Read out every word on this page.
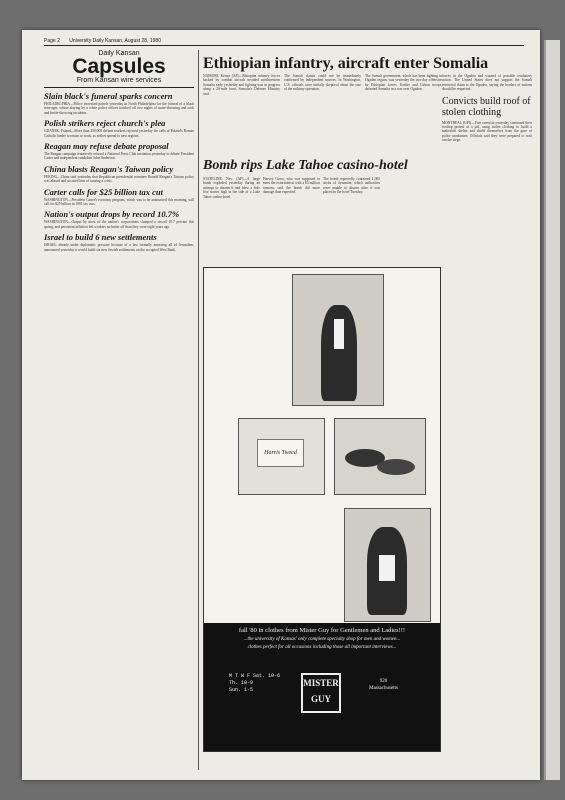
Page 2 University Daily Kansan, August 28, 1980
Daily Kansan
Capsules
From Kansan wire services
Slain black's funeral sparks concern

PHILADELPHIA—Police increased patrols yesterday in North Philadelphia for the funeral of a black teen-ager, whose slaying by a white police officer touched off two nights of stone-throwing and rock and bottle-throwing incidents.

Polish strikers reject church's plea

GDANSK, Poland—More than 200,000 defiant workers rejected yesterday the calls of Poland's Roman Catholic leader to return to work, as strikes spread to new regions.

Reagan may refuse debate proposal

The Reagan campaign tentatively refused a National Press Club invitation yesterday to debate President Carter and independent candidate John Anderson.

China blasts Reagan's Taiwan policy

PEKING—China said yesterday that Republican presidential nominee Ronald Reagan's Taiwan policy was absurd and accused him of causing a crisis.

Carter calls for $25 billion tax cut

WASHINGTON—President Carter's economy program, which was to be announced this morning, will call for $25 billion in 1981 tax cuts.

Nation's output drops by record 10.7%

WASHINGTON—Output by most of the nation's corporations slumped a record 10.7 percent this spring, and persistent inflation left workers no better off than they were eight years ago.

Israel to build 6 new settlements

ISRAEL already under diplomatic pressure because of a law formally annexing all of Jerusalem, announced yesterday it would build six new Jewish settlements on the occupied West Bank.

Ethiopian infantry, aircraft enter Somalia
NAIROBI, Kenya (AP)—Ethiopian infantry forces backed by combat aircraft invaded northwestern Somalia early yesterday and fighting was in progress along a 20-mile front, Somalia's Defense Ministry said.
The Somali claims could not be immediately confirmed by independent sources. In Washington, U.S. officials were initially skeptical about the size of the military operation.
The Somali government, which has been fighting in Ogaden region, was yesterday the two-day offensive by Ethiopian forces. Earlier and Cuban troops, defeated Somalia in a war over Ogaden.
Bomb rips Lake Tahoe casino-hotel
STATELINE, Nev. (AP)—A large bomb exploded yesterday during an attempt to disarm it and blew a hole five stories high in the side of a Lake Tahoe casino-hotel.
Harvey Gross, who was supposed to meet the extortionists with a $3 million ransom, said the bomb did more damage than expected.
The bomb reportedly contained 1,000 sticks of dynamite, which authorities were unable to disarm after it was placed in the hotel Tuesday.

forces in the Ogaden and warned of possible retaliatory action. The United States does not support the Somali territorial claim to the Ogaden, saying the borders of nations should be respected.

Convicts build roof of stolen clothing

MONTREAL (UPI)—Five convicts yesterday continued their rooftop protest at a jail, using stolen clothing to build a makeshift shelter and shield themselves from the gaze of police marksmen. Officials said they were prepared to wait out the siege.

Harris Tweed
fall '80 in clothes from Mister Guy for Gentlemen and Ladies!!!
...the university of Kansas' only complete specialty shop for men and women...
clothes perfect for all occasions including those all important interviews...
M T W F Sat. 10-6
Th. 10-9
Sun. 1-5
MISTER
GUY
920
Massachusetts
